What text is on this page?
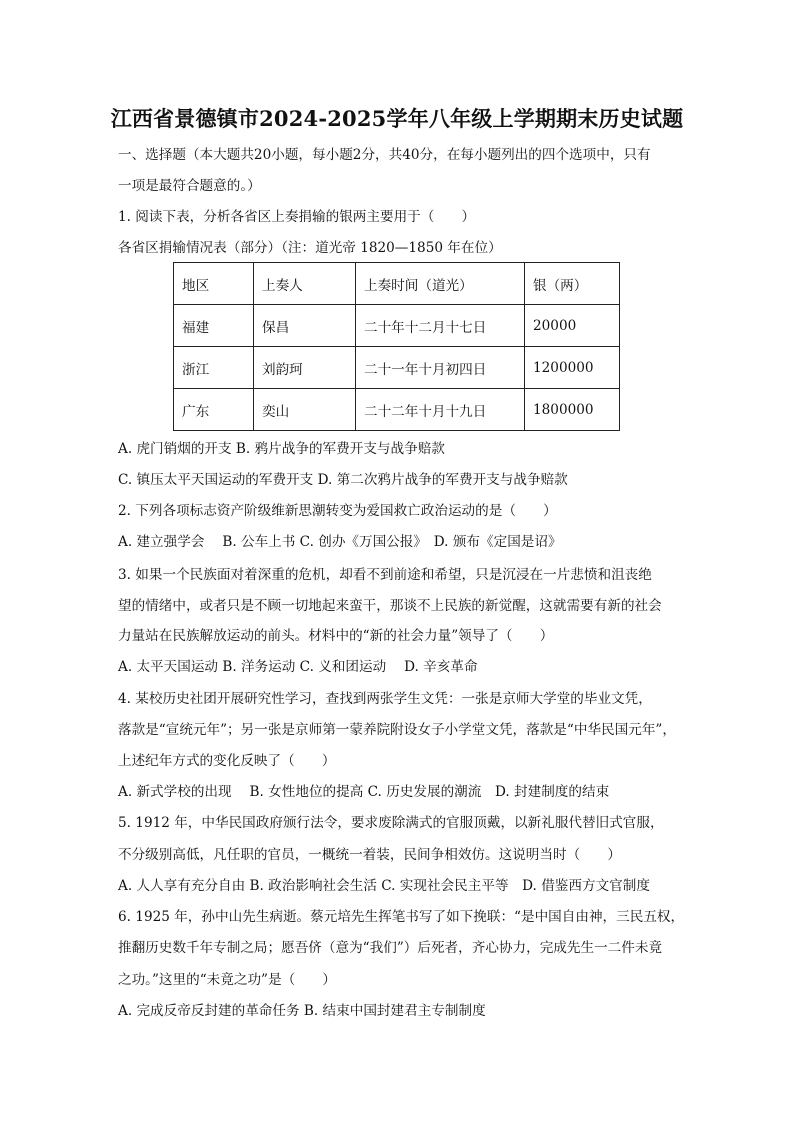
江西省景德镇市2024-2025学年八年级上学期期末历史试题
一、选择题（本大题共20小题，每小题2分，共40分，在每小题列出的四个选项中，只有
一项是最符合题意的。）
1. 阅读下表，分析各省区上奏捐输的银两主要用于（　　）
各省区捐输情况表（部分）（注：道光帝 1820—1850 年在位）
地区	上奏人	上奏时间（道光）	银（两）
福建	保昌	二十年十二月十七日	20000
浙江	刘韵珂	二十一年十月初四日	1200000
广东	奕山	二十二年十月十九日	1800000
A. 虎门销烟的开支 B. 鸦片战争的军费开支与战争赔款
C. 镇压太平天国运动的军费开支 D. 第二次鸦片战争的军费开支与战争赔款
2. 下列各项标志资产阶级维新思潮转变为爱国救亡政治运动的是（　　）
A. 建立强学会　 B. 公车上书 C. 创办《万国公报》　D. 颁布《定国是诏》
3. 如果一个民族面对着深重的危机，却看不到前途和希望，只是沉浸在一片悲愤和沮丧绝
望的情绪中，或者只是不顾一切地起来蛮干，那谈不上民族的新觉醒，这就需要有新的社会
力量站在民族解放运动的前头。材料中的“新的社会力量”领导了（　　）
A. 太平天国运动 B. 洋务运动 C. 义和团运动　 D. 辛亥革命
4. 某校历史社团开展研究性学习，查找到两张学生文凭：一张是京师大学堂的毕业文凭，
落款是“宣统元年”；另一张是京师第一蒙养院附设女子小学堂文凭，落款是“中华民国元年”，
上述纪年方式的变化反映了（　　）
A. 新式学校的出现　 B. 女性地位的提高 C. 历史发展的潮流　D. 封建制度的结束
5. 1912 年，中华民国政府颁行法令，要求废除满式的官服顶戴，以新礼服代替旧式官服，
不分级别高低，凡任职的官员，一概统一着装，民间争相效仿。这说明当时（　　）
A. 人人享有充分自由 B. 政治影响社会生活 C. 实现社会民主平等　D. 借鉴西方文官制度
6. 1925 年，孙中山先生病逝。蔡元培先生挥笔书写了如下挽联：“是中国自由神，三民五权，
推翻历史数千年专制之局；愿吾侪（意为“我们”）后死者，齐心协力，完成先生一二件未竟
之功。”这里的“未竟之功”是（　　）
A. 完成反帝反封建的革命任务 B. 结束中国封建君主专制制度
